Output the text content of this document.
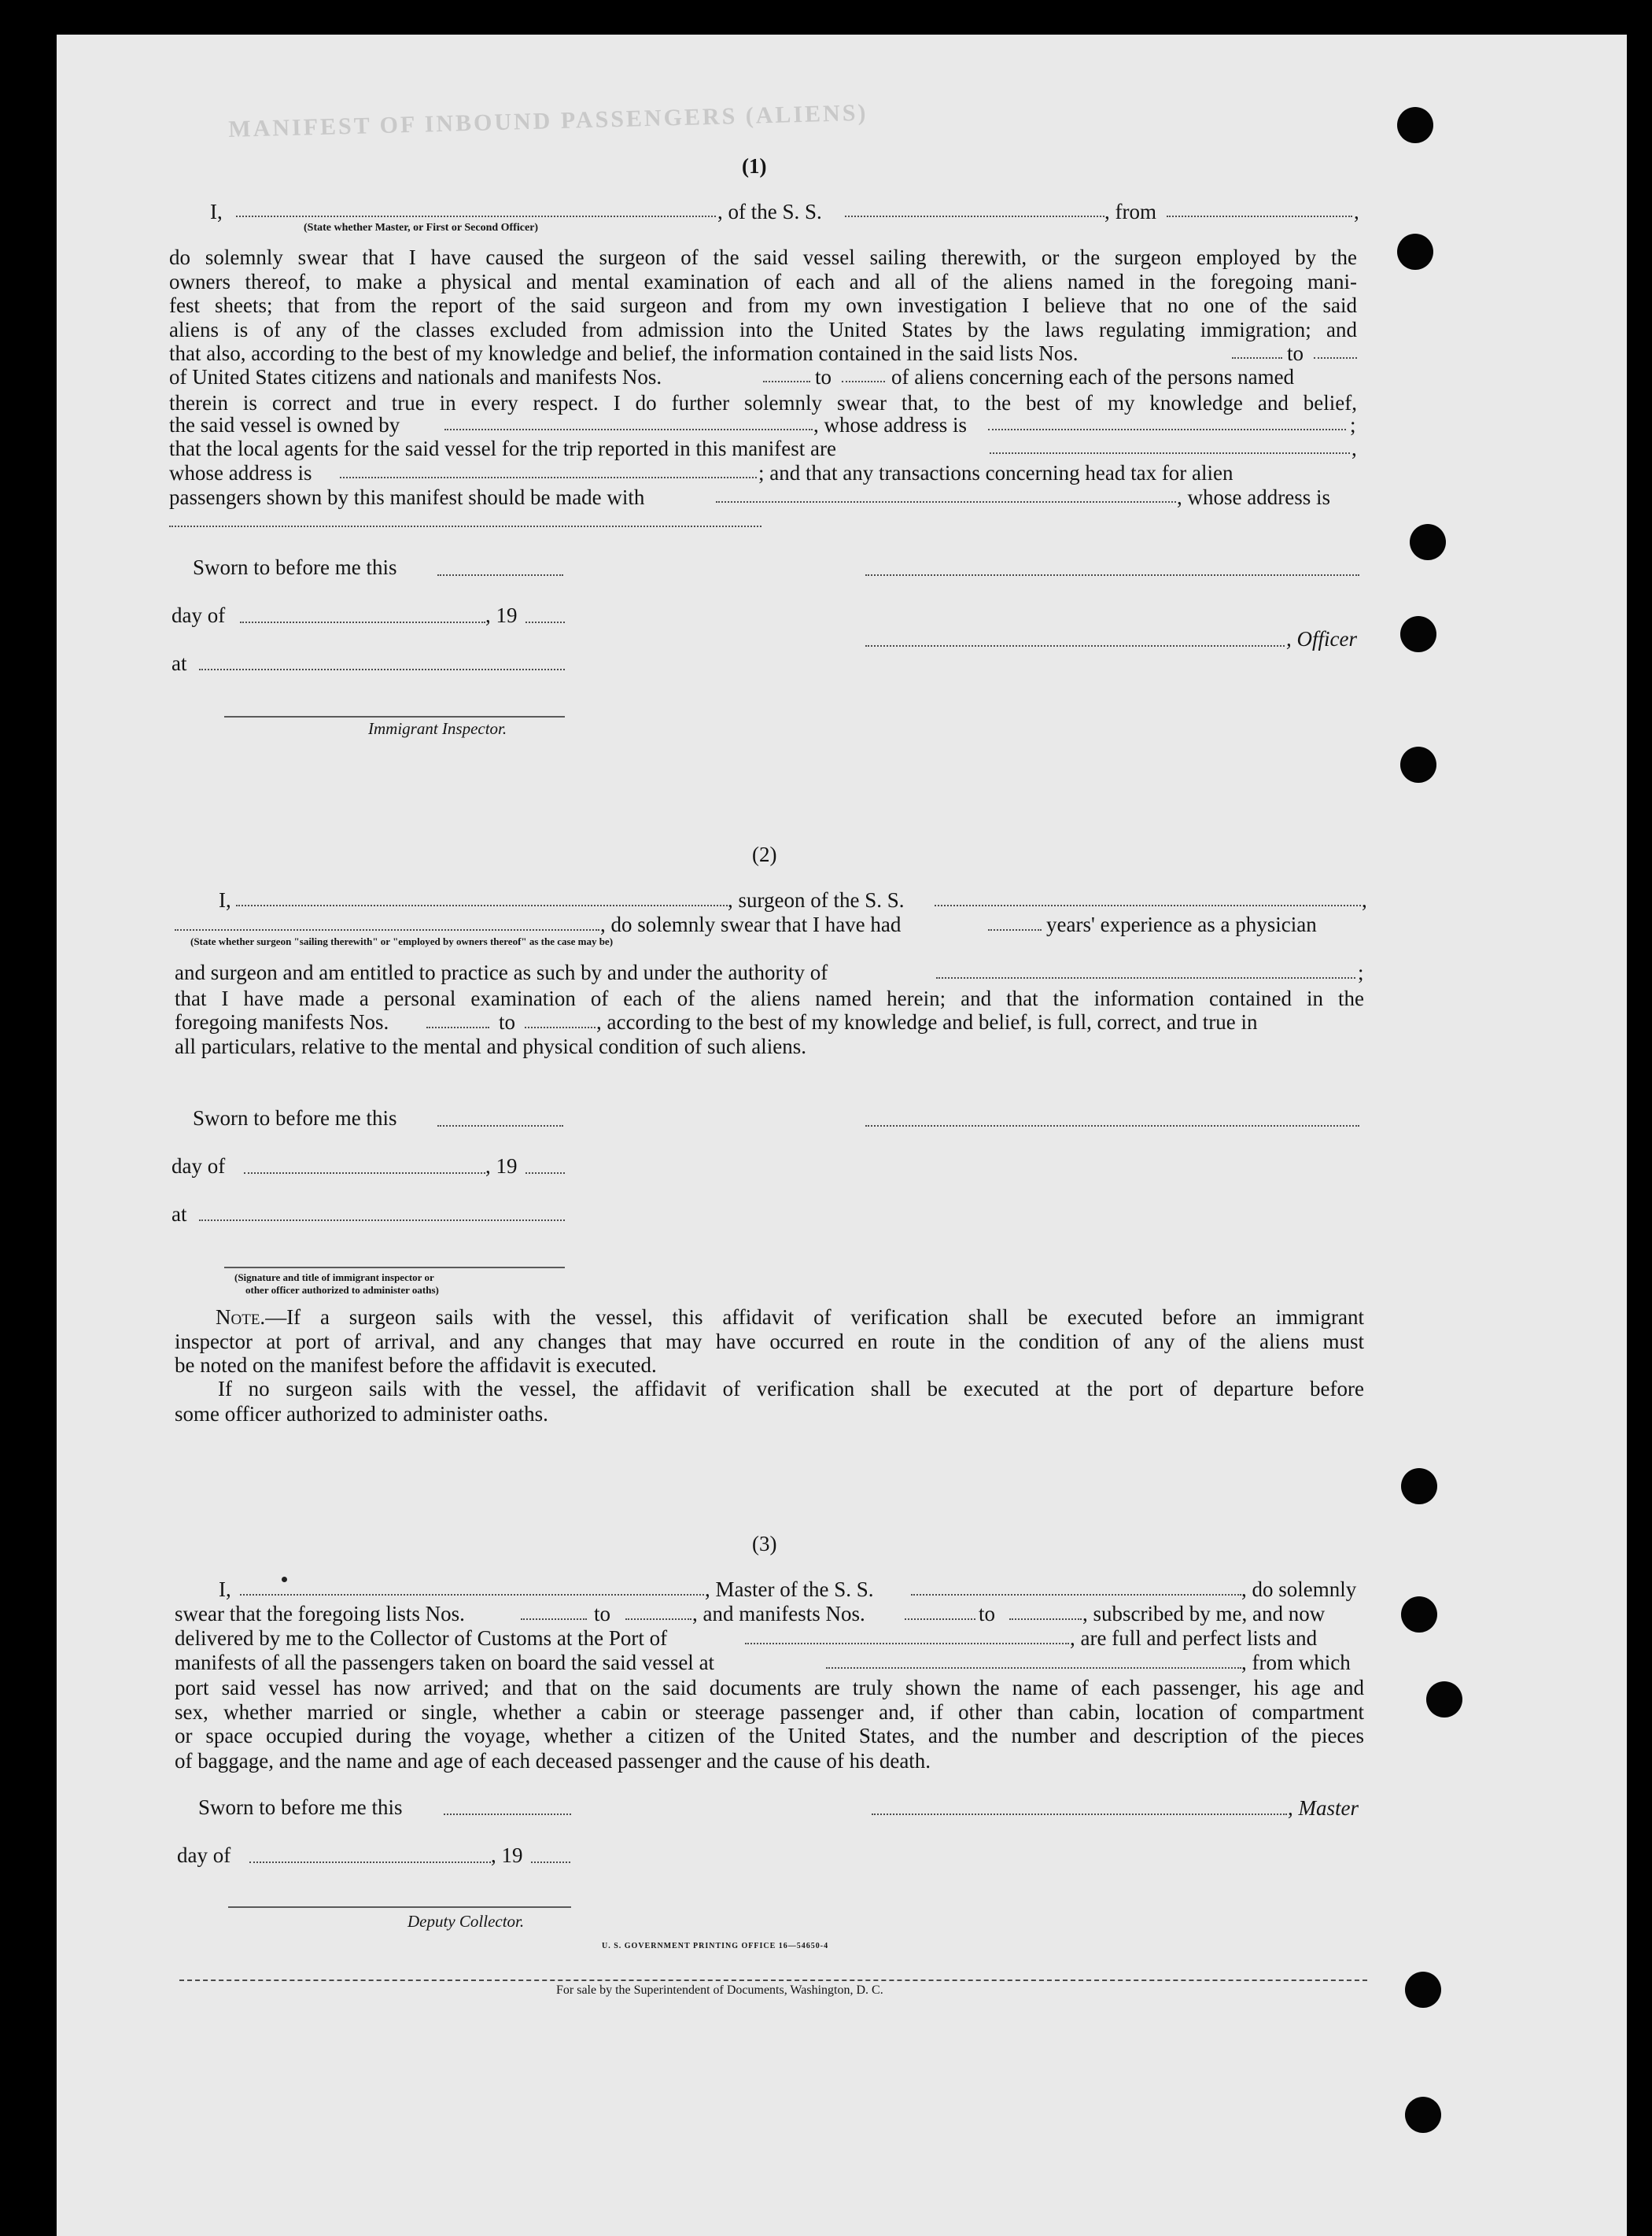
MANIFEST OF INBOUND PASSENGERS (ALIENS)
(1)
I,
(State whether Master, or First or Second Officer)
, of the S. S.	, from	,
do solemnly swear that I have caused the surgeon of the said vessel sailing therewith, or the surgeon employed by the
owners thereof, to make a physical and mental examination of each and all of the aliens named in the foregoing mani-
fest sheets; that from the report of the said surgeon and from my own investigation I believe that no one of the said
aliens is of any of the classes excluded from admission into the United States by the laws regulating immigration; and
that also, according to the best of my knowledge and belief, the information contained in the said lists Nos.	to
of United States citizens and nationals and manifests Nos.	to	of aliens concerning each of the persons named
therein is correct and true in every respect. I do further solemnly swear that, to the best of my knowledge and belief,
the said vessel is owned by	, whose address is	;
that the local agents for the said vessel for the trip reported in this manifest are	,
whose address is	; and that any transactions concerning head tax for alien
passengers shown by this manifest should be made with	, whose address is
Sworn to before me this
day of	, 19
, Officer
at
Immigrant Inspector.
(2)
I,	, surgeon of the S. S.	,
, do solemnly swear that I have had	years' experience as a physician
(State whether surgeon "sailing therewith" or "employed by owners thereof" as the case may be)
and surgeon and am entitled to practice as such by and under the authority of	;
that I have made a personal examination of each of the aliens named herein; and that the information contained in the
foregoing manifests Nos.	to	, according to the best of my knowledge and belief, is full, correct, and true in
all particulars, relative to the mental and physical condition of such aliens.
Sworn to before me this
day of	, 19
at
(Signature and title of immigrant inspector or
other officer authorized to administer oaths)
Note.—If a surgeon sails with the vessel, this affidavit of verification shall be executed before an immigrant
inspector at port of arrival, and any changes that may have occurred en route in the condition of any of the aliens must
be noted on the manifest before the affidavit is executed.
If no surgeon sails with the vessel, the affidavit of verification shall be executed at the port of departure before
some officer authorized to administer oaths.
(3)
I,	, Master of the S. S.	, do solemnly
swear that the foregoing lists Nos.	to	, and manifests Nos.	to	, subscribed by me, and now
delivered by me to the Collector of Customs at the Port of	, are full and perfect lists and
manifests of all the passengers taken on board the said vessel at	, from which
port said vessel has now arrived; and that on the said documents are truly shown the name of each passenger, his age and
sex, whether married or single, whether a cabin or steerage passenger and, if other than cabin, location of compartment
or space occupied during the voyage, whether a citizen of the United States, and the number and description of the pieces
of baggage, and the name and age of each deceased passenger and the cause of his death.
Sworn to before me this	, Master
day of	, 19
Deputy Collector.
U. S. GOVERNMENT PRINTING OFFICE 16—54650-4
For sale by the Superintendent of Documents, Washington, D. C.
